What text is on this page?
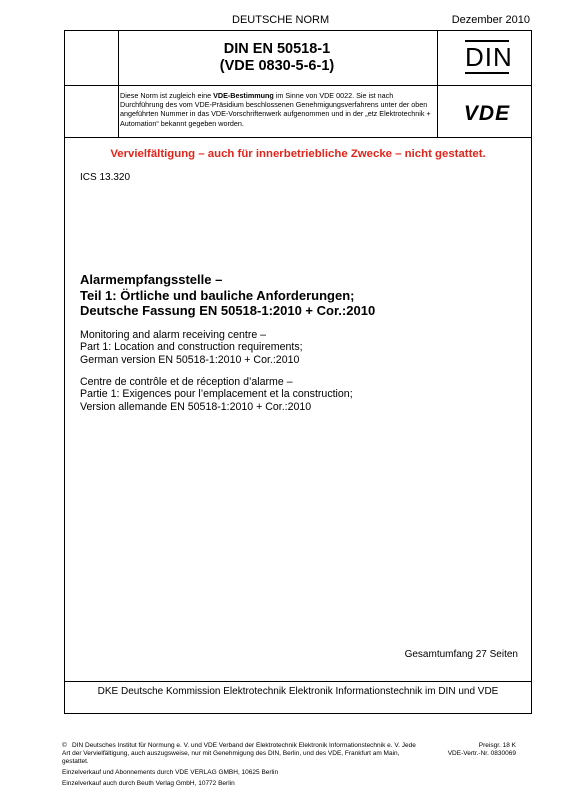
DEUTSCHE NORM	Dezember 2010
DIN EN 50518-1
(VDE 0830-5-6-1)	DIN
Diese Norm ist zugleich eine VDE-Bestimmung im Sinne von VDE 0022. Sie ist nach Durchführung des vom VDE-Präsidium beschlossenen Genehmigungsverfahrens unter der oben angeführten Nummer in das VDE-Vorschriftenwerk aufgenommen und in der „etz Elektrotechnik + Automation“ bekannt gegeben worden.	VDE
Vervielfältigung – auch für innerbetriebliche Zwecke – nicht gestattet.
ICS 13.320
Alarmempfangsstelle –
Teil 1: Örtliche und bauliche Anforderungen;
Deutsche Fassung EN 50518-1:2010 + Cor.:2010
Monitoring and alarm receiving centre –
Part 1: Location and construction requirements;
German version EN 50518-1:2010 + Cor.:2010
Centre de contrôle et de réception d’alarme –
Partie 1: Exigences pour l’emplacement et la construction;
Version allemande EN 50518-1:2010 + Cor.:2010
Gesamtumfang 27 Seiten
DKE Deutsche Kommission Elektrotechnik Elektronik Informationstechnik im DIN und VDE
© DIN Deutsches Institut für Normung e. V. und VDE Verband der Elektrotechnik Elektronik Informationstechnik e. V. Jede Art der Vervielfältigung, auch auszugsweise, nur mit Genehmigung des DIN, Berlin, und des VDE, Frankfurt am Main, gestattet.
Preisgr. 18 K
VDE-Vertr.-Nr. 0830069
Einzelverkauf und Abonnements durch VDE VERLAG GMBH, 10625 Berlin
Einzelverkauf auch durch Beuth Verlag GmbH, 10772 Berlin
